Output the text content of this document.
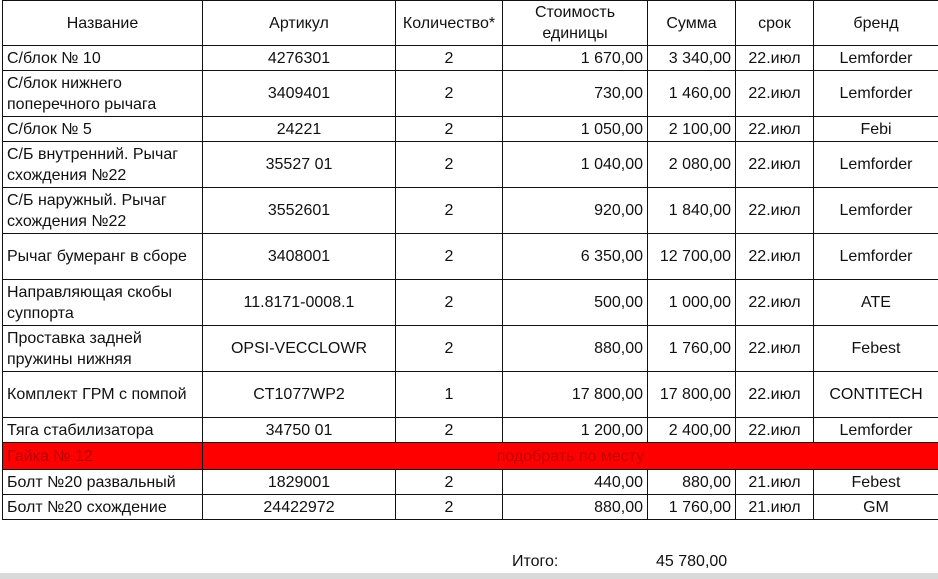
Название	Артикул	Количество*	Стоимость единицы	Сумма	срок	бренд
С/блок № 10	4276301	2	1 670,00	3 340,00	22.июл	Lemforder
С/блок нижнего поперечного рычага	3409401	2	730,00	1 460,00	22.июл	Lemforder
С/блок № 5	24221	2	1 050,00	2 100,00	22.июл	Febi
С/Б внутренний. Рычаг схождения №22	35527 01	2	1 040,00	2 080,00	22.июл	Lemforder
С/Б наружный. Рычаг схождения №22	3552601	2	920,00	1 840,00	22.июл	Lemforder
Рычаг бумеранг в сборе	3408001	2	6 350,00	12 700,00	22.июл	Lemforder
Направляющая скобы суппорта	11.8171-0008.1	2	500,00	1 000,00	22.июл	ATE
Проставка задней пружины нижняя	OPSI-VECCLOWR	2	880,00	1 760,00	22.июл	Febest
Комплект ГРМ с помпой	CT1077WP2	1	17 800,00	17 800,00	22.июл	CONTITECH
Тяга стабилизатора	34750 01	2	1 200,00	2 400,00	22.июл	Lemforder
Гайка № 12	подобрать по месту					
Болт №20 развальный	1829001	2	440,00	880,00	21.июл	Febest
Болт №20 схождение	24422972	2	880,00	1 760,00	21.июл	GM
Итого:	45 780,00
